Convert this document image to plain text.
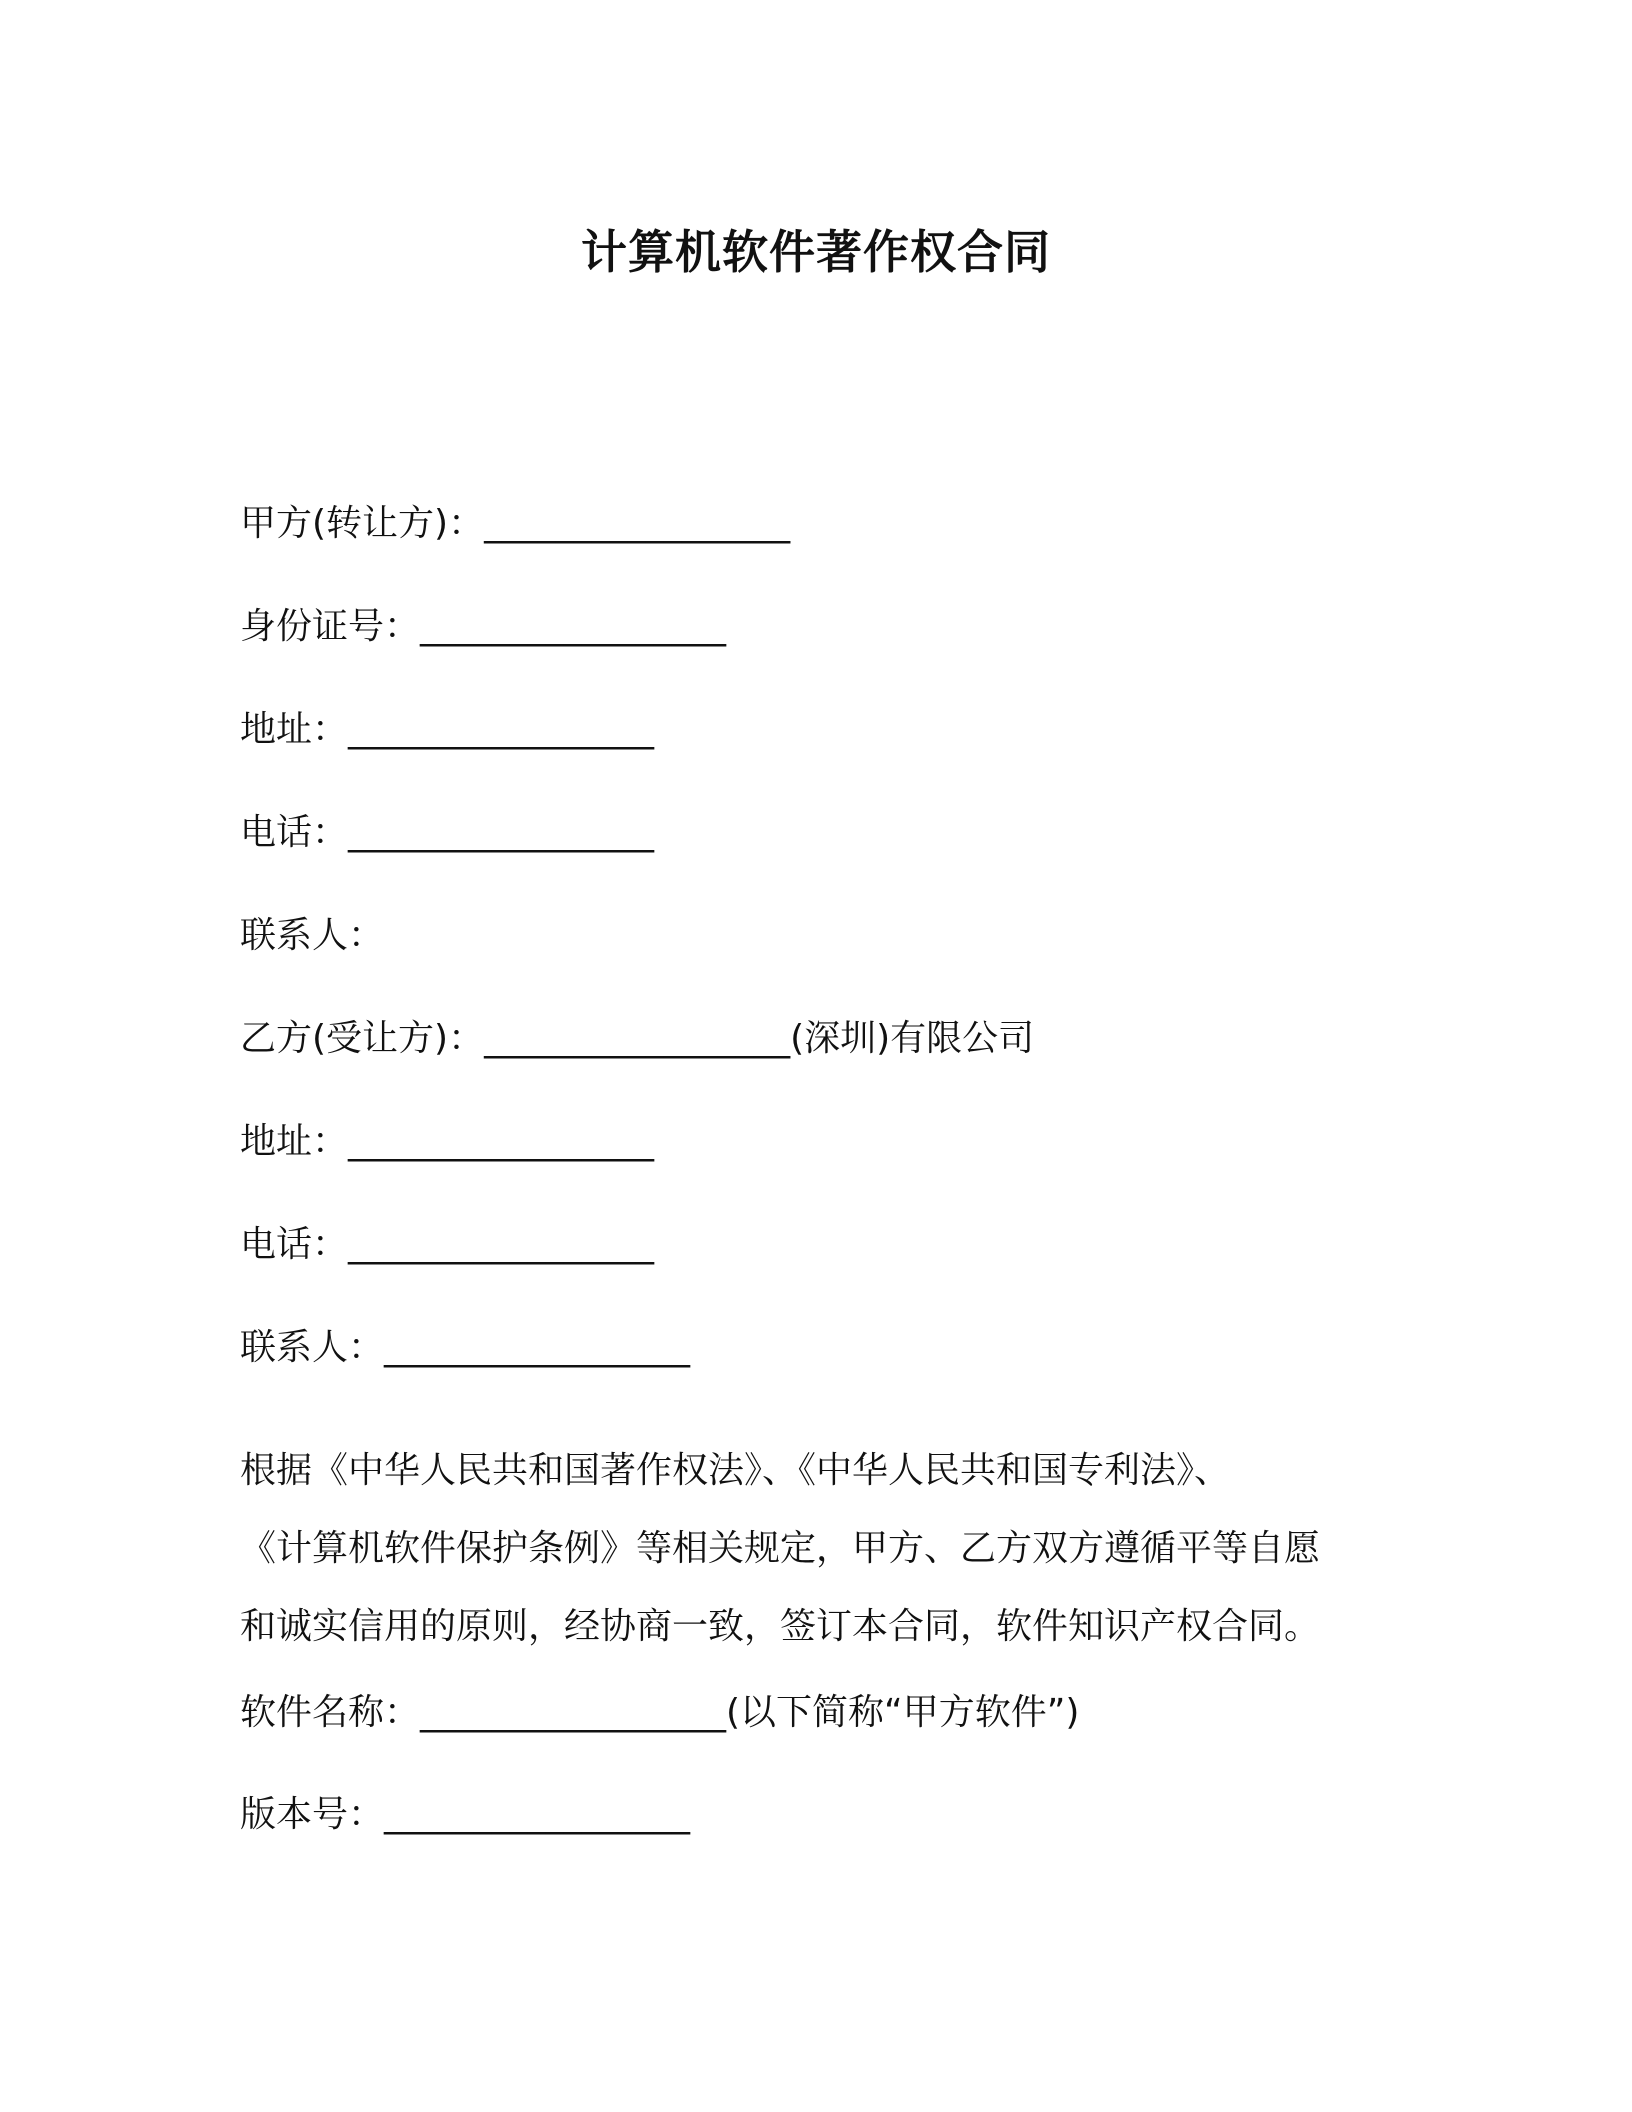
计算机软件著作权合同
甲方(转让方)：_________________
身份证号：_________________
地址：_________________
电话：_________________
联系人：
乙方(受让方)：_________________(深圳)有限公司
地址：_________________
电话：_________________
联系人：_________________
根据《中华人民共和国著作权法》、《中华人民共和国专利法》、
《计算机软件保护条例》等相关规定，甲方、乙方双方遵循平等自愿
和诚实信用的原则，经协商一致，签订本合同，软件知识产权合同。
软件名称：_________________(以下简称“甲方软件”)
版本号：_________________
